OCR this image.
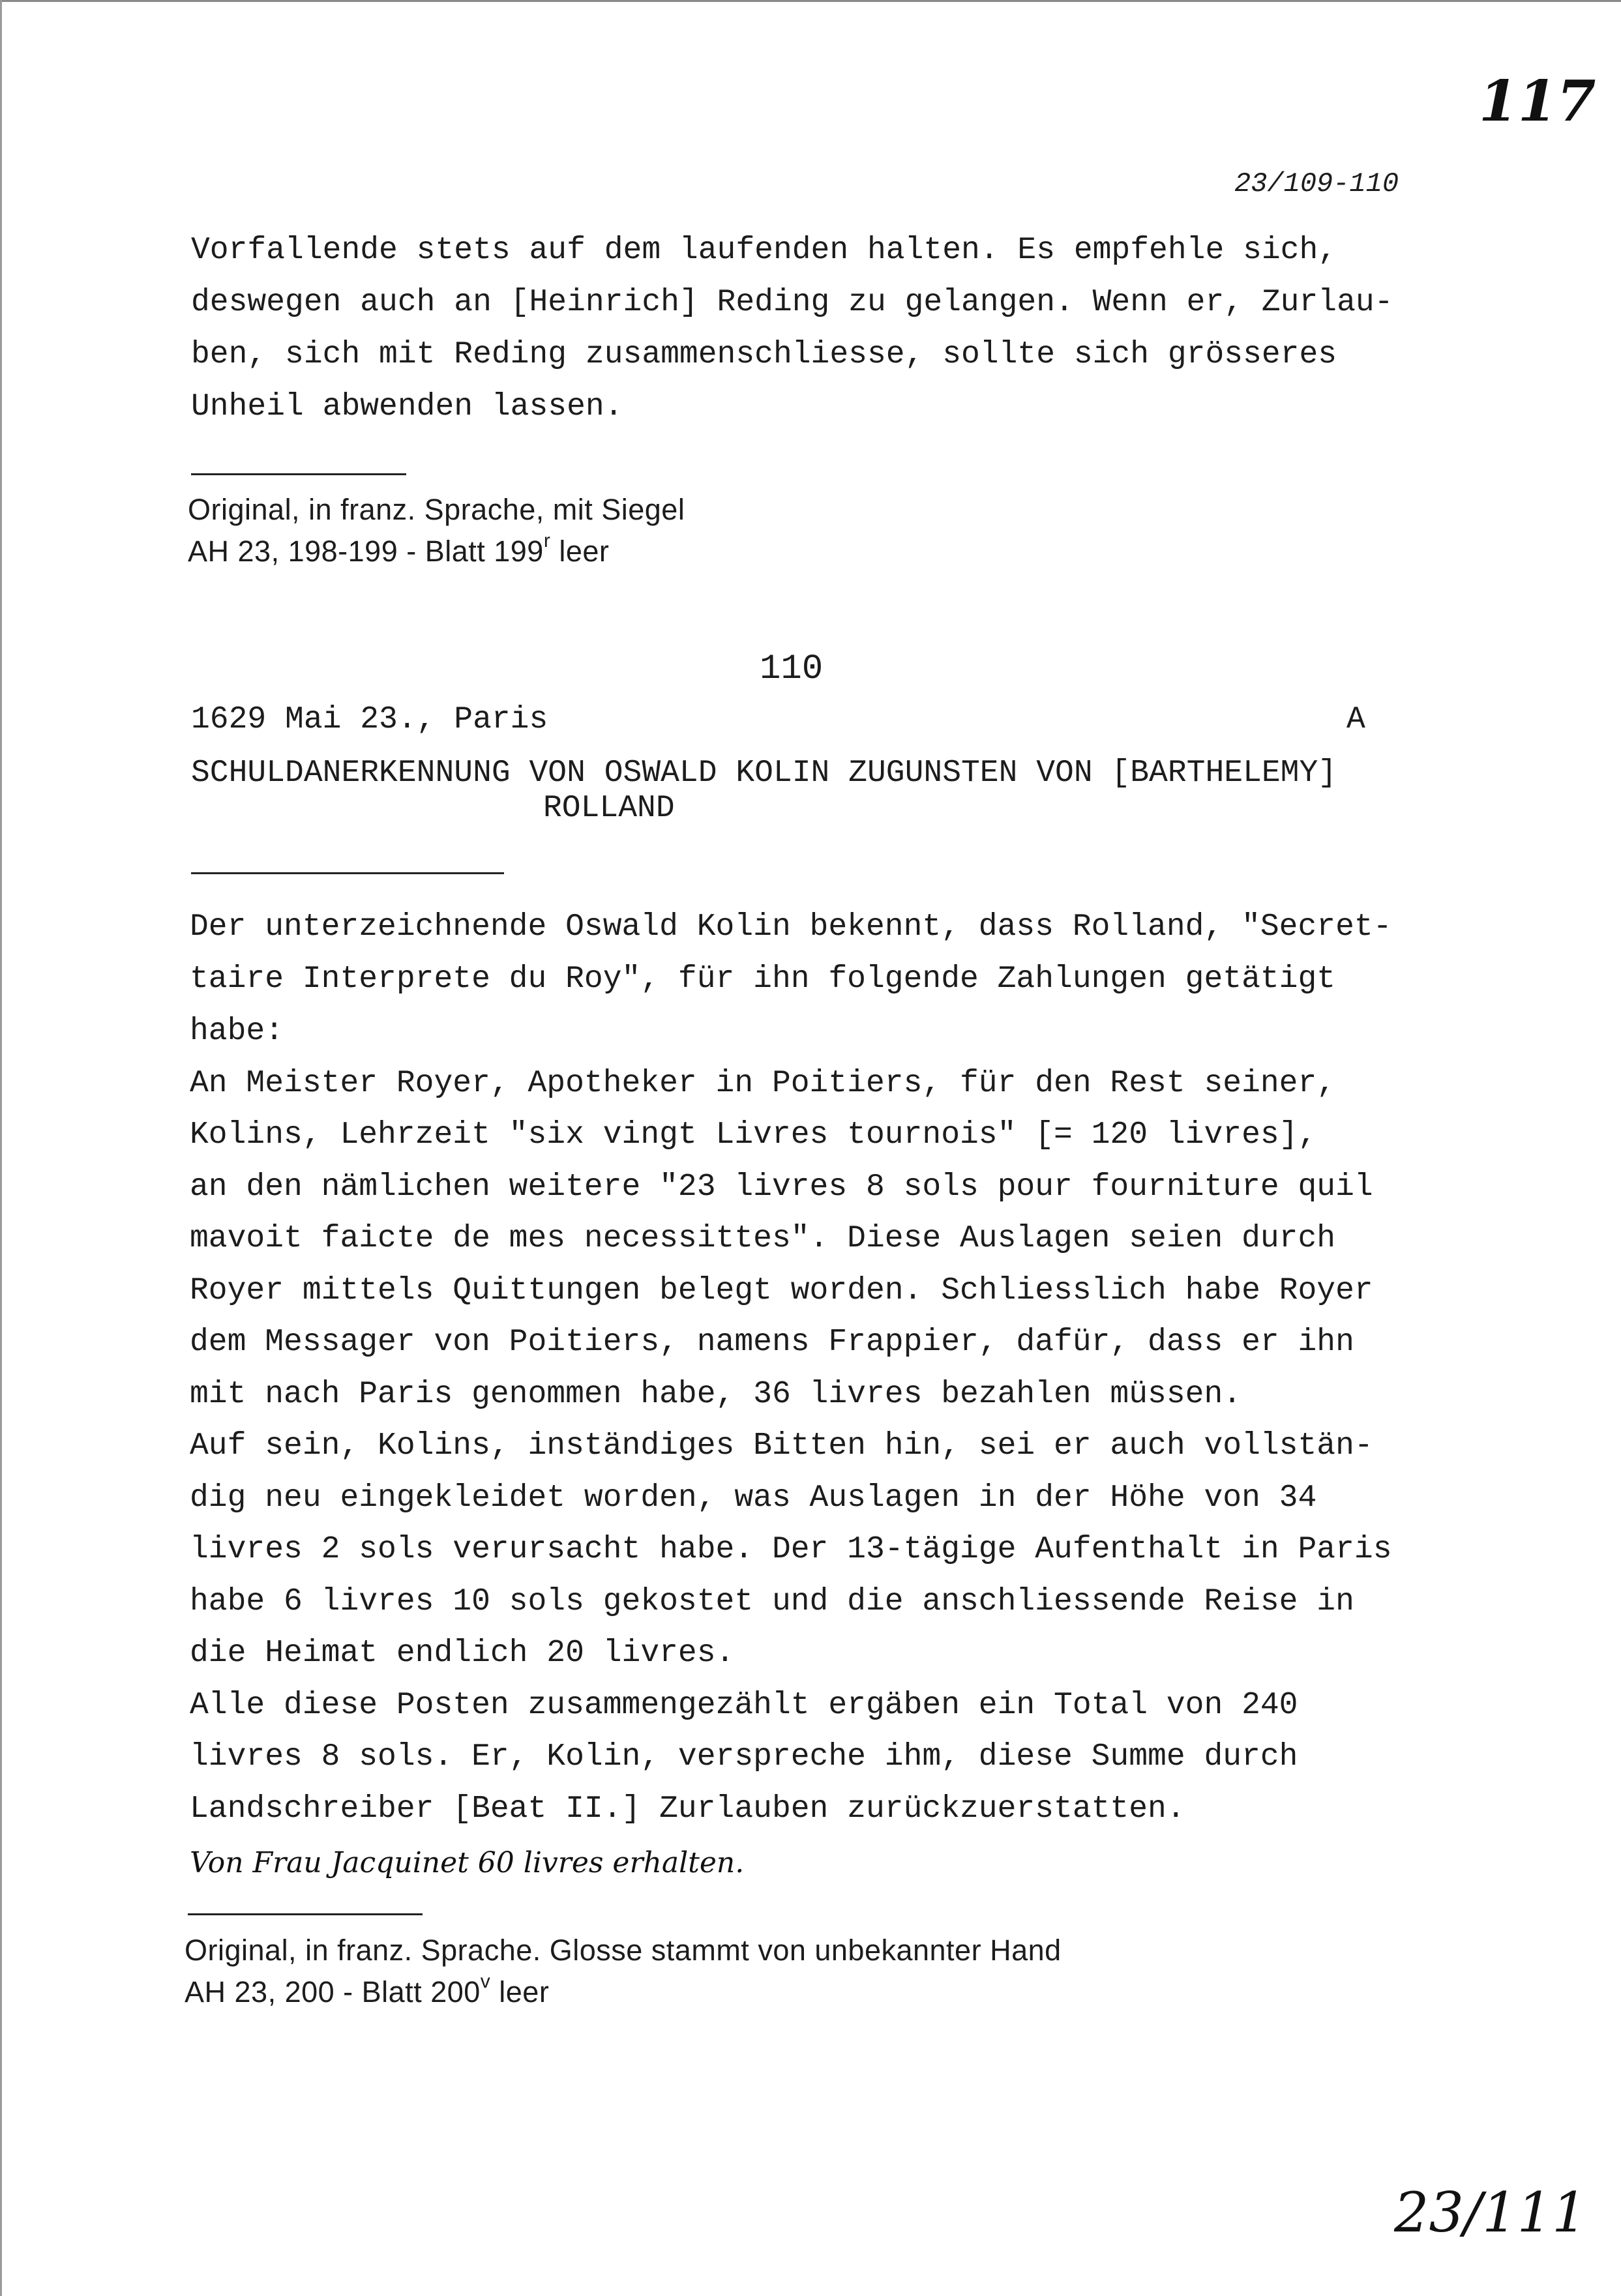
117
23/109-110
Vorfallende stets auf dem laufenden halten. Es empfehle sich,
deswegen auch an [Heinrich] Reding zu gelangen. Wenn er, Zurlau-
ben, sich mit Reding zusammenschliesse, sollte sich grösseres
Unheil abwenden lassen.
Original, in franz. Sprache, mit Siegel
AH 23, 198-199 - Blatt 199$^r$ leer
110
1629 Mai 23., Paris	A
SCHULDANERKENNUNG VON OSWALD KOLIN ZUGUNSTEN VON [BARTHELEMY]
ROLLAND
Der unterzeichnende Oswald Kolin bekennt, dass Rolland, "Secret-
taire Interprete du Roy", für ihn folgende Zahlungen getätigt
habe:
An Meister Royer, Apotheker in Poitiers, für den Rest seiner,
Kolins, Lehrzeit "six vingt Livres tournois" [= 120 livres],
an den nämlichen weitere "23 livres 8 sols pour fourniture quil
mavoit faicte de mes necessittes". Diese Auslagen seien durch
Royer mittels Quittungen belegt worden. Schliesslich habe Royer
dem Messager von Poitiers, namens Frappier, dafür, dass er ihn
mit nach Paris genommen habe, 36 livres bezahlen müssen.
Auf sein, Kolins, inständiges Bitten hin, sei er auch vollstän-
dig neu eingekleidet worden, was Auslagen in der Höhe von 34
livres 2 sols verursacht habe. Der 13-tägige Aufenthalt in Paris
habe 6 livres 10 sols gekostet und die anschliessende Reise in
die Heimat endlich 20 livres.
Alle diese Posten zusammengezählt ergäben ein Total von 240
livres 8 sols. Er, Kolin, verspreche ihm, diese Summe durch
Landschreiber [Beat II.] Zurlauben zurückzuerstatten.
Von Frau Jacquinet 60 livres erhalten.
Original, in franz. Sprache. Glosse stammt von unbekannter Hand
AH 23, 200 - Blatt 200$^v$ leer
23/111
